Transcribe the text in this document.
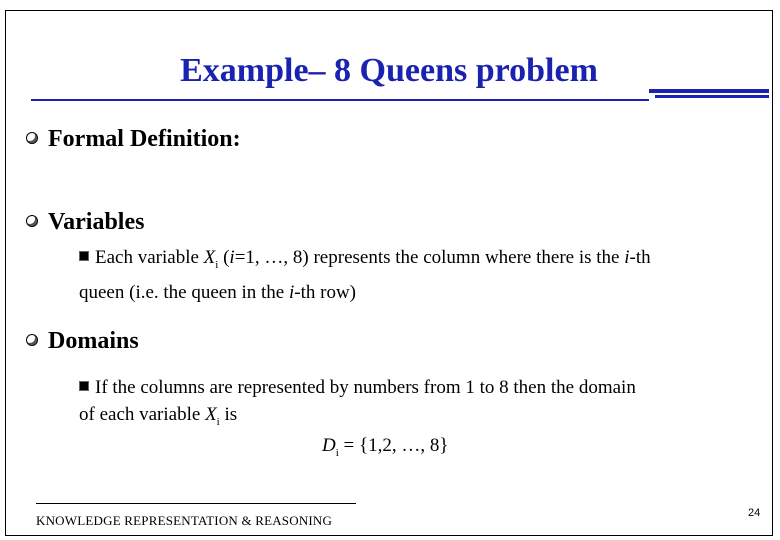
Example– 8 Queens problem
Formal Definition:
Variables
Each variable $X_i$ (i=1, …, 8) represents the column where there is the i-th
queen (i.e. the queen in the i-th row)
Domains
If the columns are represented by numbers from 1 to 8 then the domain
of each variable $X_i$ is
$D_i = \{1,2$, …, 8}
KNOWLEDGE REPRESENTATION & REASONING	24
